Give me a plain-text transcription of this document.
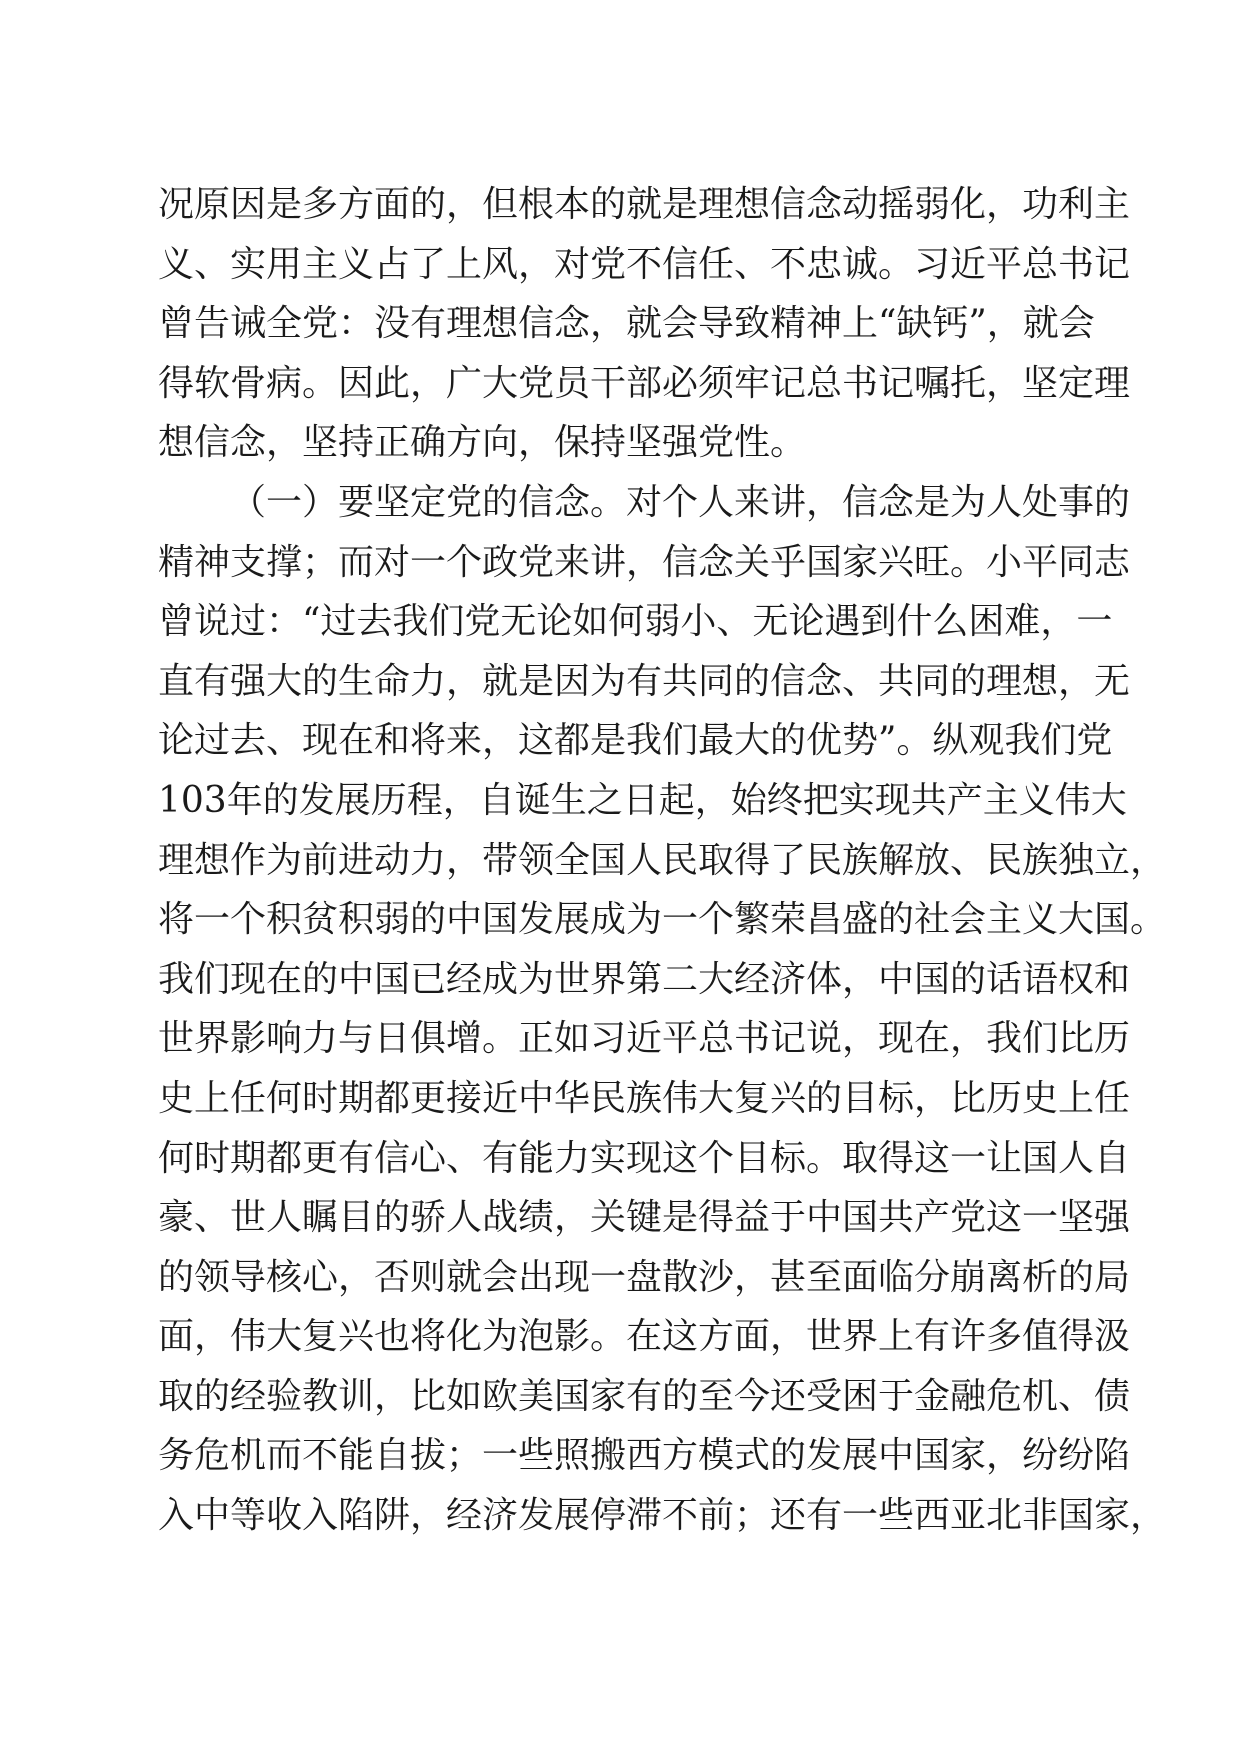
况原因是多方面的，但根本的就是理想信念动摇弱化，功利主
义、实用主义占了上风，对党不信任、不忠诚。习近平总书记
曾告诫全党：没有理想信念，就会导致精神上“缺钙”，就会
得软骨病。因此，广大党员干部必须牢记总书记嘱托，坚定理
想信念，坚持正确方向，保持坚强党性。
（一）要坚定党的信念。对个人来讲，信念是为人处事的
精神支撑；而对一个政党来讲，信念关乎国家兴旺。小平同志
曾说过：“过去我们党无论如何弱小、无论遇到什么困难，一
直有强大的生命力，就是因为有共同的信念、共同的理想，无
论过去、现在和将来，这都是我们最大的优势”。纵观我们党
103年的发展历程，自诞生之日起，始终把实现共产主义伟大
理想作为前进动力，带领全国人民取得了民族解放、民族独立，
将一个积贫积弱的中国发展成为一个繁荣昌盛的社会主义大国。
我们现在的中国已经成为世界第二大经济体，中国的话语权和
世界影响力与日俱增。正如习近平总书记说，现在，我们比历
史上任何时期都更接近中华民族伟大复兴的目标，比历史上任
何时期都更有信心、有能力实现这个目标。取得这一让国人自
豪、世人瞩目的骄人战绩，关键是得益于中国共产党这一坚强
的领导核心，否则就会出现一盘散沙，甚至面临分崩离析的局
面，伟大复兴也将化为泡影。在这方面，世界上有许多值得汲
取的经验教训，比如欧美国家有的至今还受困于金融危机、债
务危机而不能自拔；一些照搬西方模式的发展中国家，纷纷陷
入中等收入陷阱，经济发展停滞不前；还有一些西亚北非国家，
